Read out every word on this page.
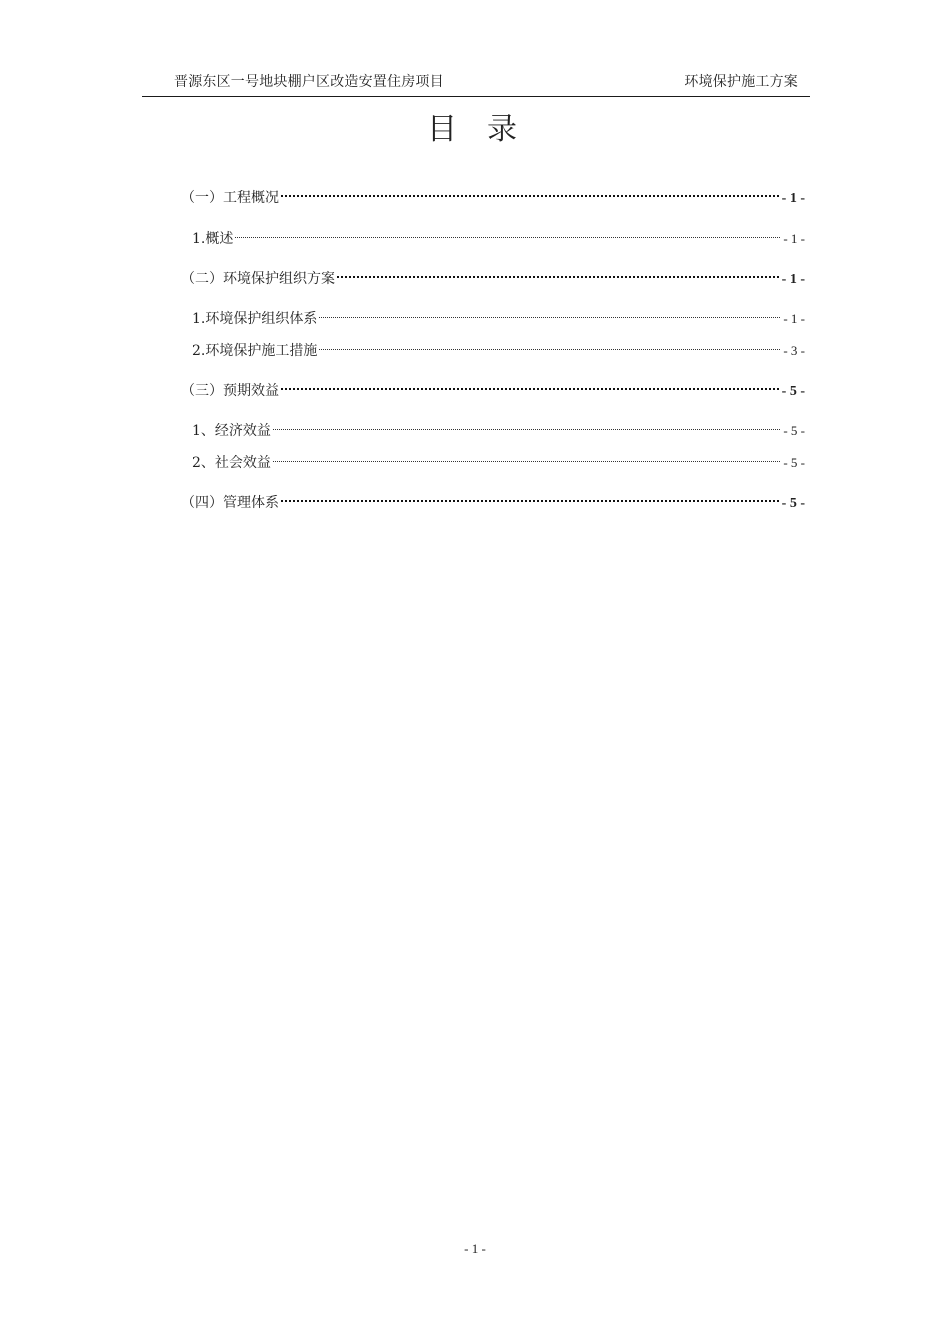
晋源东区一号地块棚户区改造安置住房项目	环境保护施工方案
目录
（一）工程概况	- 1 -
1.概述	- 1 -
（二）环境保护组织方案	- 1 -
1.环境保护组织体系	- 1 -
2.环境保护施工措施	- 3 -
（三）预期效益	- 5 -
1、经济效益	- 5 -
2、社会效益	- 5 -
（四）管理体系	- 5 -
- 1 -
